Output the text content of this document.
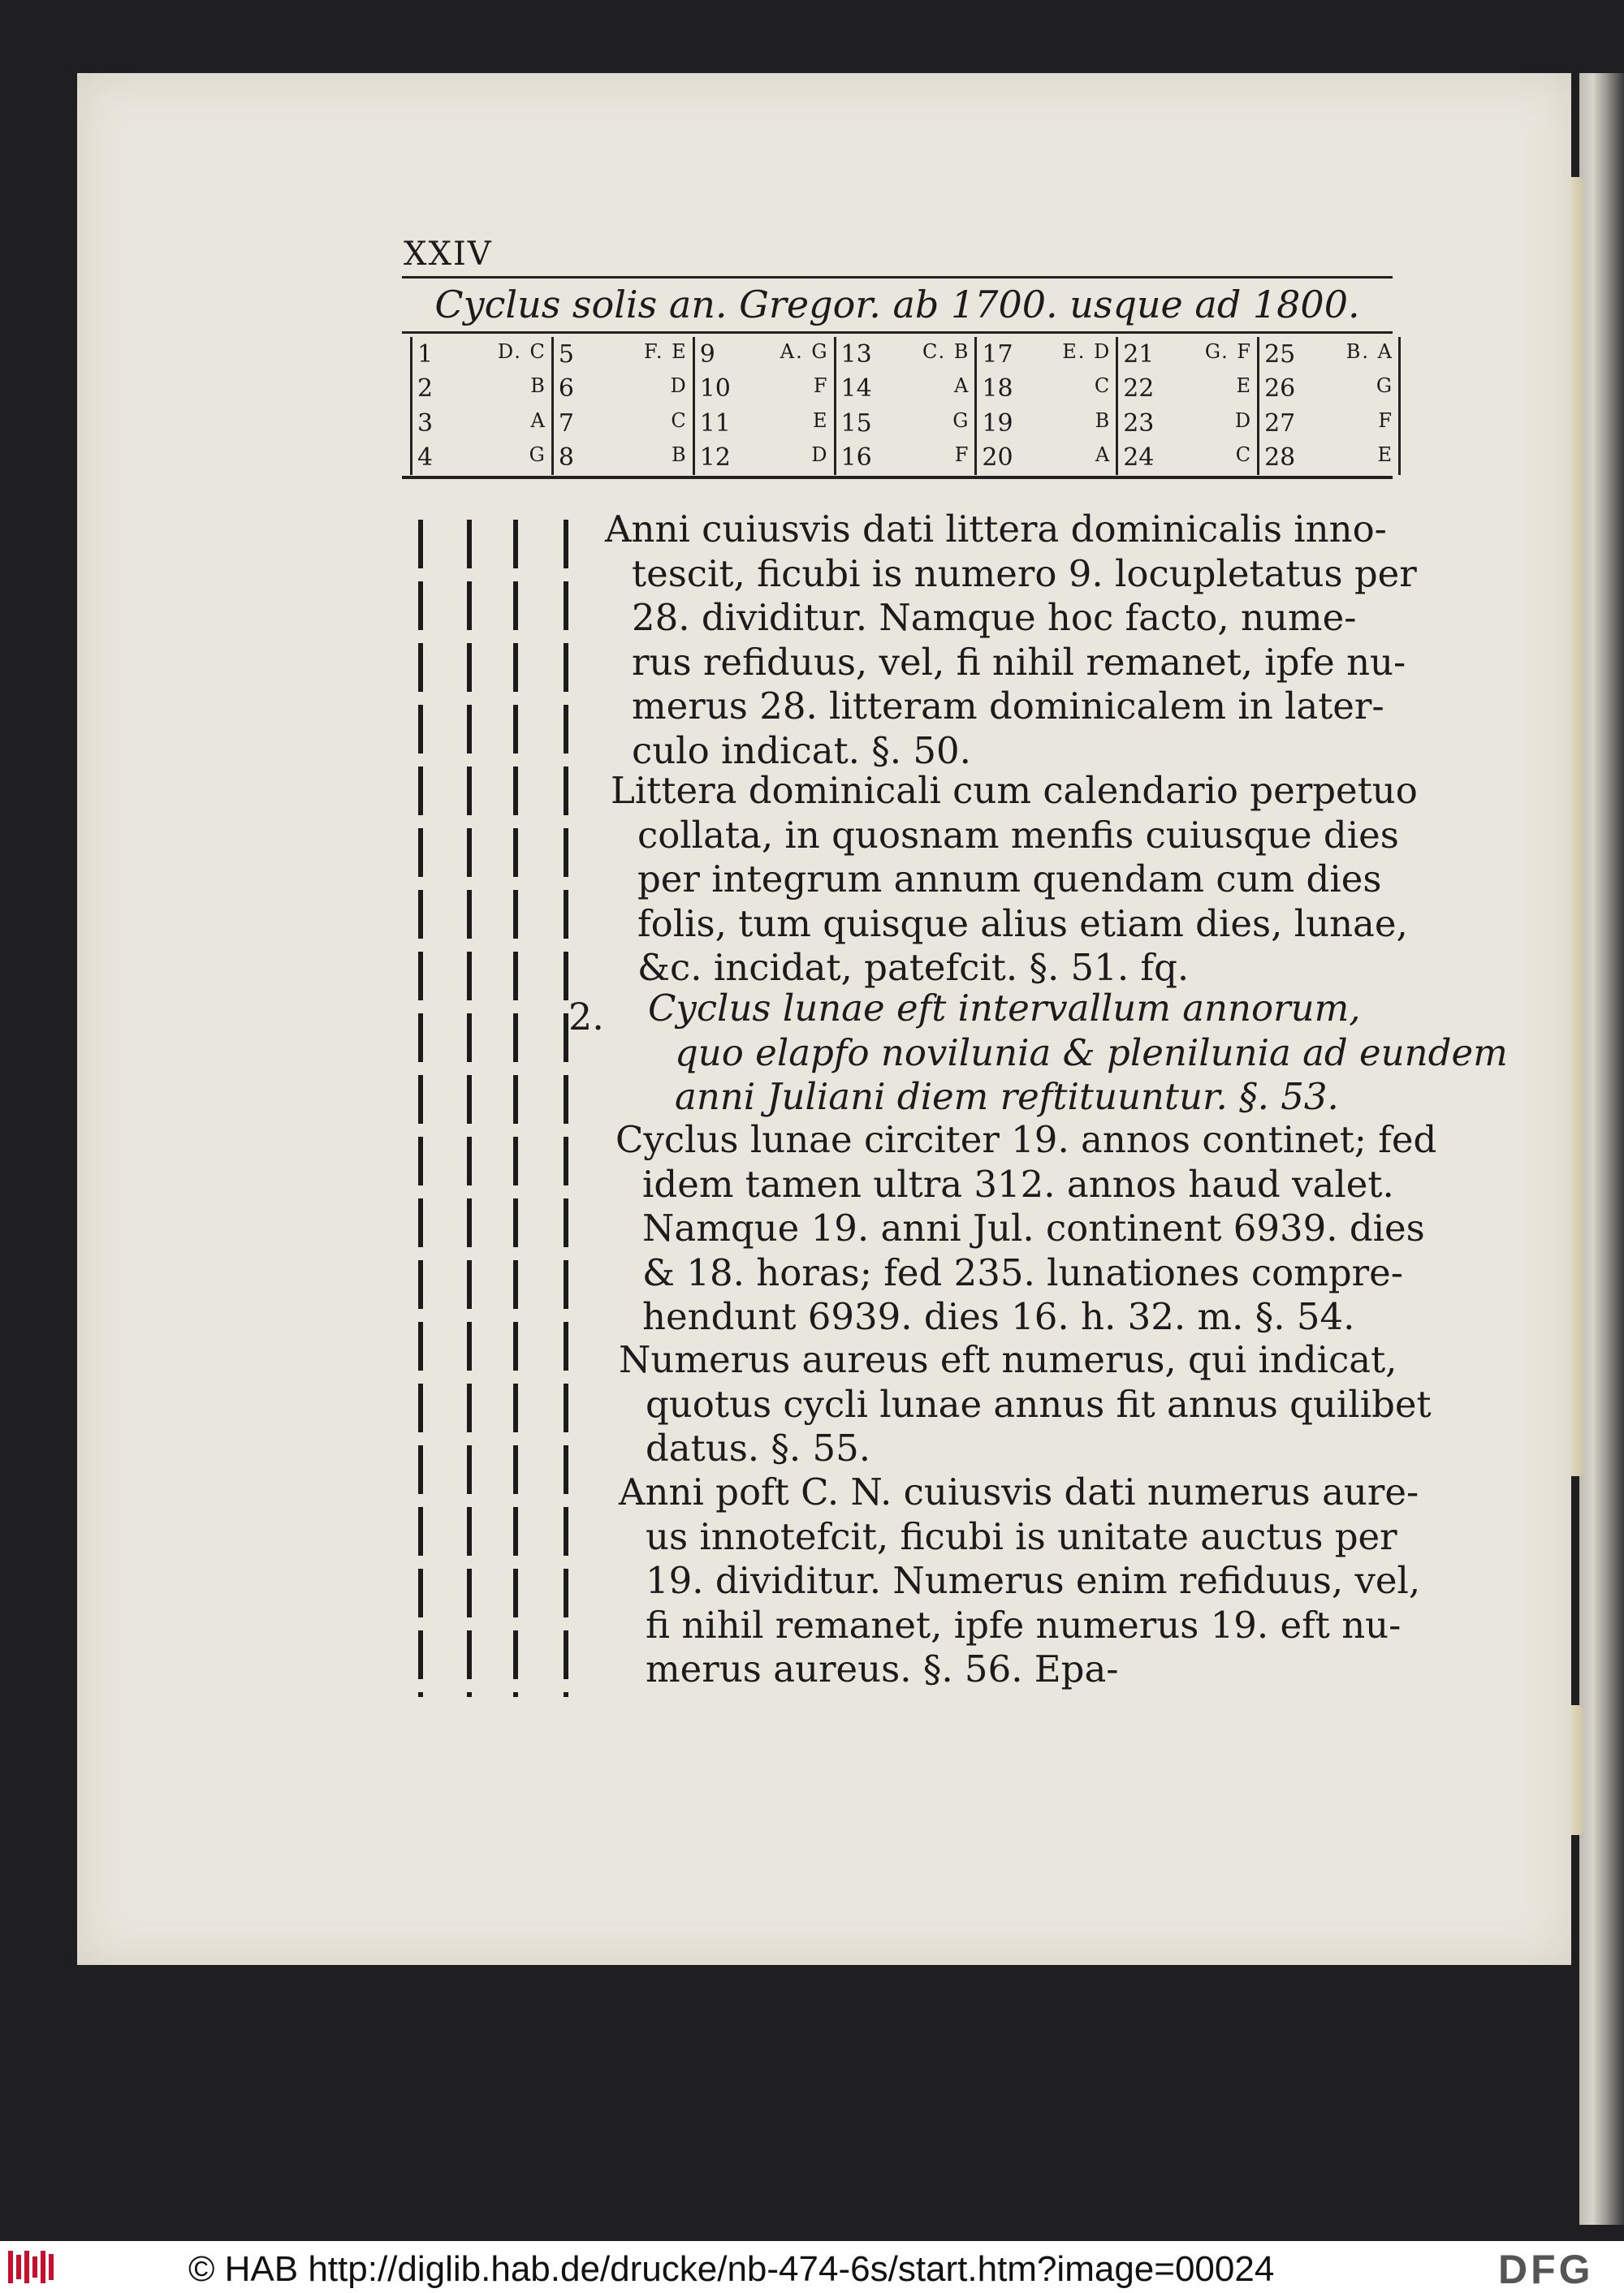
XXIV
Cyclus solis an. Gregor. ab 1700. usque ad 1800.
1 D. C	5 F. E	9 A. G	13 C. B	17 E. D	21 G. F	25 B. A

2 B	6 D	10 F	14 A	18 C	22 E	26 G

3 A	7 C	11 E	15 G	19 B	23 D	27 F

4 G	8 B	12 D	16 F	20 A	24 C	28 E
Anni cuiusvis dati littera dominicalis inno-
tescit, ficubi is numero 9. locupletatus per
28. dividitur. Namque hoc facto, nume-
rus refiduus, vel, fi nihil remanet, ipfe nu-
merus 28. litteram dominicalem in later-
culo indicat. §. 50.
Littera dominicali cum calendario perpetuo
collata, in quosnam menfis cuiusque dies
per integrum annum quendam cum dies
folis, tum quisque alius etiam dies, lunae,
&c. incidat, patefcit. §. 51. fq.
2. Cyclus lunae eft intervallum annorum,
quo elapfo novilunia & plenilunia ad eundem
anni Juliani diem reftituuntur. §. 53.
Cyclus lunae circiter 19. annos continet; fed
idem tamen ultra 312. annos haud valet.
Namque 19. anni Jul. continent 6939. dies
& 18. horas; fed 235. lunationes compre-
hendunt 6939. dies 16. h. 32. m. §. 54.
Numerus aureus eft numerus, qui indicat,
quotus cycli lunae annus fit annus quilibet
datus. §. 55.
Anni poft C. N. cuiusvis dati numerus aure-
us innotefcit, ficubi is unitate auctus per
19. dividitur. Numerus enim refiduus, vel,
fi nihil remanet, ipfe numerus 19. eft nu-
merus aureus. §. 56. Epa-
© HAB http://diglib.hab.de/drucke/nb-474-6s/start.htm?image=00024	DFG
